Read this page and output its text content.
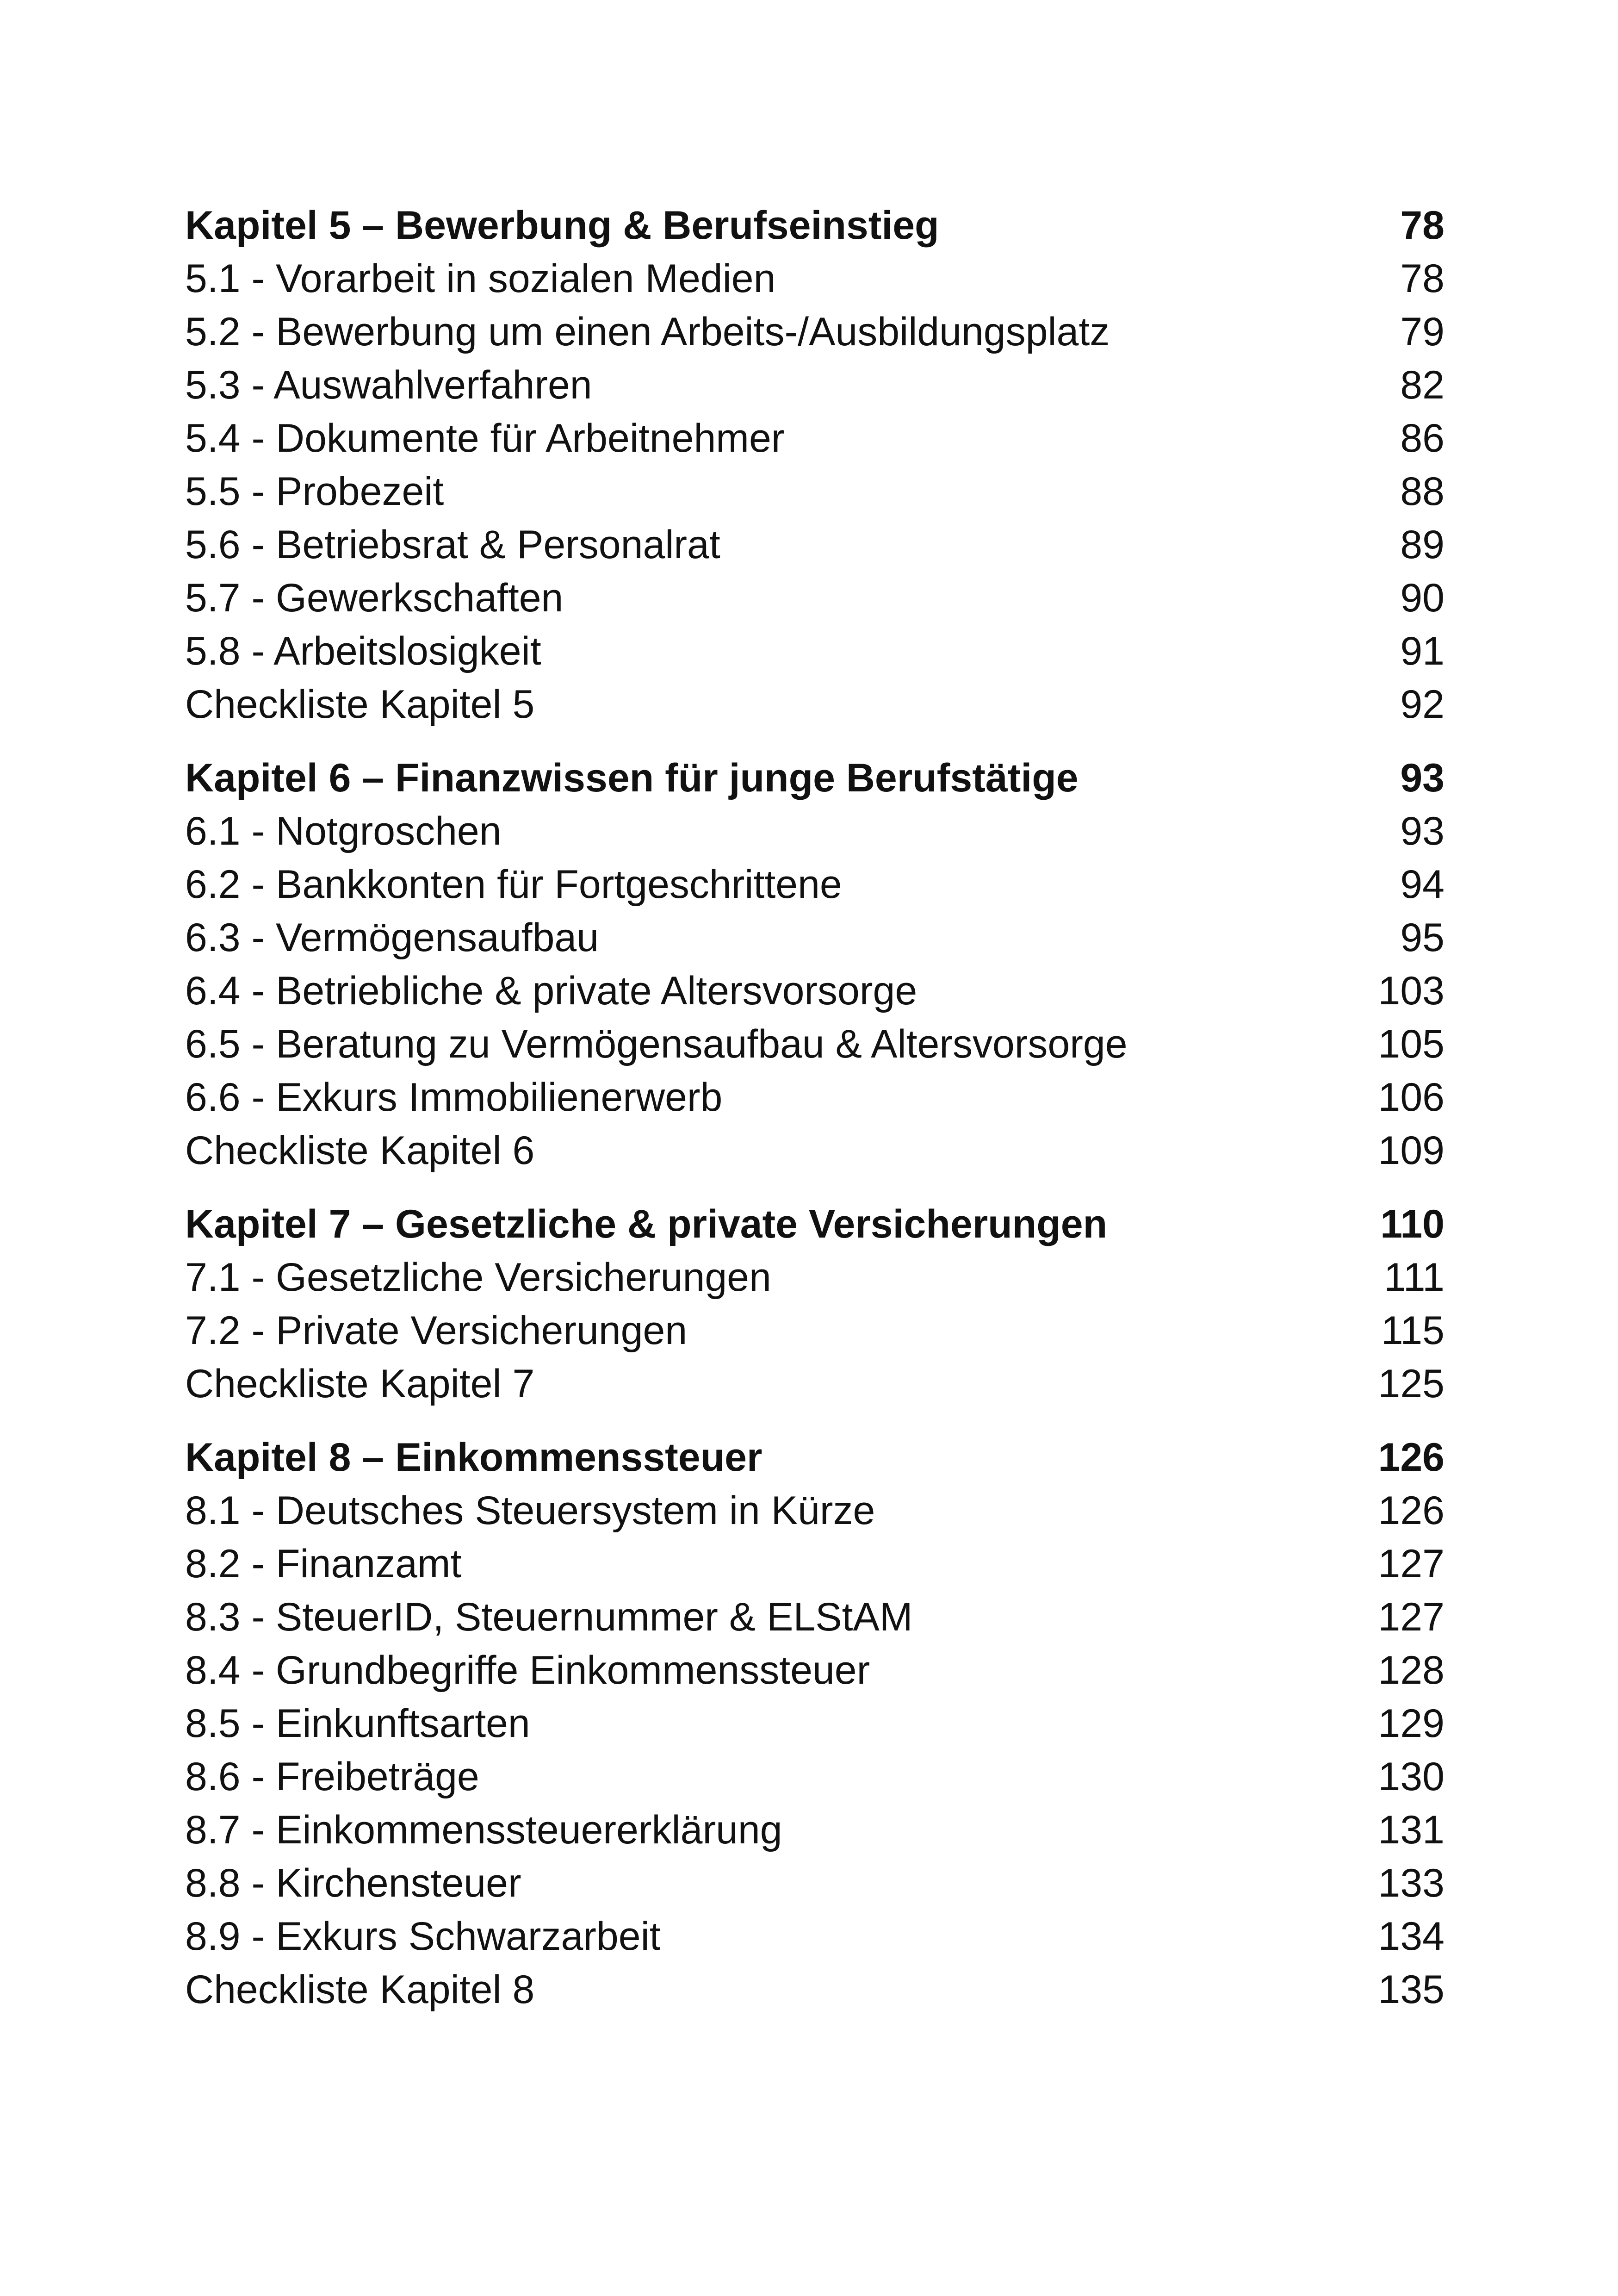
Kapitel 5 – Bewerbung & Berufseinstieg	78
5.1 - Vorarbeit in sozialen Medien	78
5.2 - Bewerbung um einen Arbeits-/Ausbildungsplatz	79
5.3 - Auswahlverfahren	82
5.4 - Dokumente für Arbeitnehmer	86
5.5 - Probezeit	88
5.6 - Betriebsrat & Personalrat	89
5.7 - Gewerkschaften	90
5.8 - Arbeitslosigkeit	91
Checkliste Kapitel 5	92
Kapitel 6 – Finanzwissen für junge Berufstätige	93
6.1 - Notgroschen	93
6.2 - Bankkonten für Fortgeschrittene	94
6.3 - Vermögensaufbau	95
6.4 - Betriebliche & private Altersvorsorge	103
6.5 - Beratung zu Vermögensaufbau & Altersvorsorge	105
6.6 - Exkurs Immobilienerwerb	106
Checkliste Kapitel 6	109
Kapitel 7 – Gesetzliche & private Versicherungen	110
7.1 - Gesetzliche Versicherungen	111
7.2 - Private Versicherungen	115
Checkliste Kapitel 7	125
Kapitel 8 – Einkommenssteuer	126
8.1 - Deutsches Steuersystem in Kürze	126
8.2 - Finanzamt	127
8.3 - SteuerID, Steuernummer & ELStAM	127
8.4 - Grundbegriffe Einkommenssteuer	128
8.5 - Einkunftsarten	129
8.6 - Freibeträge	130
8.7 - Einkommenssteuererklärung	131
8.8 - Kirchensteuer	133
8.9 - Exkurs Schwarzarbeit	134
Checkliste Kapitel 8	135
